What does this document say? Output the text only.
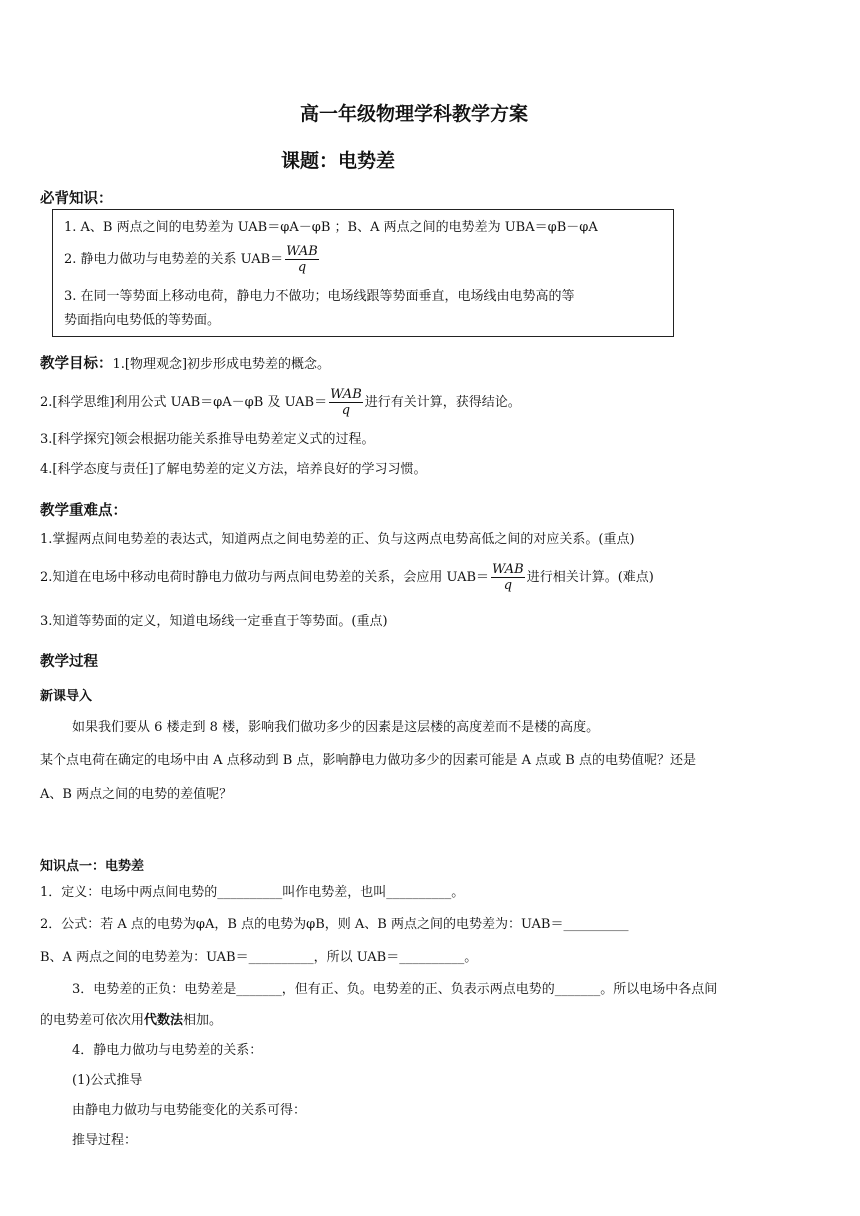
高一年级物理学科教学方案
课题：电势差
必背知识：
1. A、B 两点之间的电势差为 UAB＝φA－φB ；B、A 两点之间的电势差为 UBA＝φB－φA
2. 静电力做功与电势差的关系 $UAB= \frac{\text{WAB}}{q}$
3. 在同一等势面上移动电荷，静电力不做功；电场线跟等势面垂直，电场线由电势高的等
势面指向电势低的等势面。
教学目标：1.[物理观念]初步形成电势差的概念。
2.[科学思维]利用公式 UAB＝φA－φB 及 $UAB= \frac{\text{WAB}}{q}$ 进行有关计算，获得结论。
3.[科学探究]领会根据功能关系推导电势差定义式的过程。
4.[科学态度与责任]了解电势差的定义方法，培养良好的学习习惯。
教学重难点：
1.掌握两点间电势差的表达式，知道两点之间电势差的正、负与这两点电势高低之间的对应关系。(重点)
2.知道在电场中移动电荷时静电力做功与两点间电势差的关系，会应用 $UAB= \frac{\text{WAB}}{q}$ 进行相关计算。(难点)
3.知道等势面的定义，知道电场线一定垂直于等势面。(重点)
教学过程
新课导入
如果我们要从 6 楼走到 8 楼，影响我们做功多少的因素是这层楼的高度差而不是楼的高度。
某个点电荷在确定的电场中由 A 点移动到 B 点，影响静电力做功多少的因素可能是 A 点或 B 点的电势值呢？还是
A、B 两点之间的电势的差值呢？
知识点一：电势差
1．定义：电场中两点间电势的__________叫作电势差，也叫__________。
2．公式：若 A 点的电势为φA，B 点的电势为φB，则 A、B 两点之间的电势差为：UAB＝__________
B、A 两点之间的电势差为：UAB＝__________，所以 UAB＝__________。
3．电势差的正负：电势差是_______，但有正、负。电势差的正、负表示两点电势的_______。所以电场中各点间
的电势差可依次用代数法相加。
4．静电力做功与电势差的关系：
(1)公式推导
由静电力做功与电势能变化的关系可得：
推导过程：
